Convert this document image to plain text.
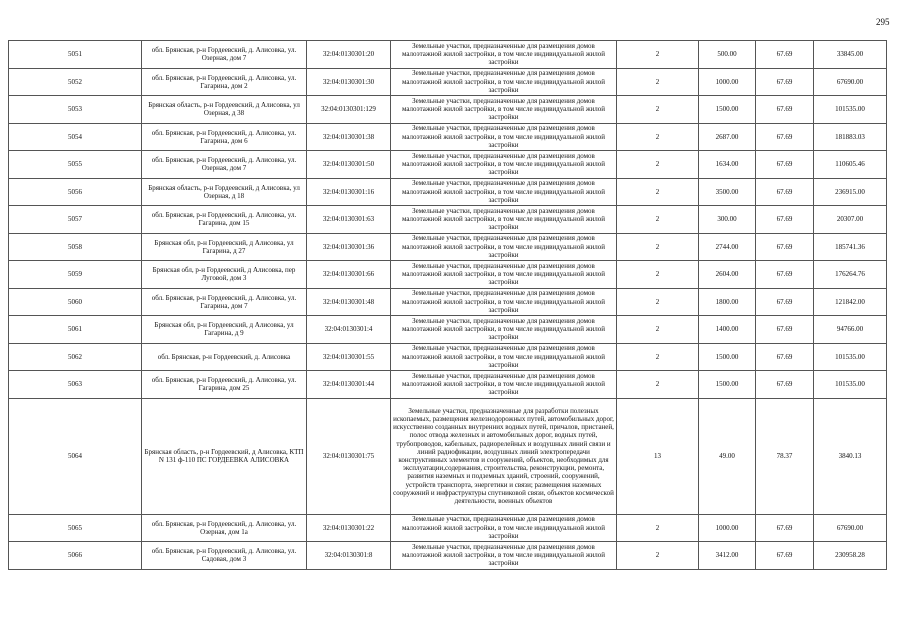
295
5051	обл. Брянская, р-н Гордеевский, д. Алисовка, ул. Озерная, дом 7	32:04:0130301:20	Земельные участки, предназначенные для размещения домов малоэтажной жилой застройки, в том числе индивидуальной жилой застройки	2	500.00	67.69	33845.00
5052	обл. Брянская, р-н Гордеевский, д. Алисовка, ул. Гагарина, дом 2	32:04:0130301:30	Земельные участки, предназначенные для размещения домов малоэтажной жилой застройки, в том числе индивидуальной жилой застройки	2	1000.00	67.69	67690.00
5053	Брянская область, р-н Гордеевский, д Алисовка, ул Озерная, д 38	32:04:0130301:129	Земельные участки, предназначенные для размещения домов малоэтажной жилой застройки, в том числе индивидуальной жилой застройки	2	1500.00	67.69	101535.00
5054	обл. Брянская, р-н Гордеевский, д. Алисовка, ул. Гагарина, дом 6	32:04:0130301:38	Земельные участки, предназначенные для размещения домов малоэтажной жилой застройки, в том числе индивидуальной жилой застройки	2	2687.00	67.69	181883.03
5055	обл. Брянская, р-н Гордеевский, д. Алисовка, ул. Озерная, дом 7	32:04:0130301:50	Земельные участки, предназначенные для размещения домов малоэтажной жилой застройки, в том числе индивидуальной жилой застройки	2	1634.00	67.69	110605.46
5056	Брянская область, р-н Гордеевский, д Алисовка, ул Озерная, д 18	32:04:0130301:16	Земельные участки, предназначенные для размещения домов малоэтажной жилой застройки, в том числе индивидуальной жилой застройки	2	3500.00	67.69	236915.00
5057	обл. Брянская, р-н Гордеевский, д. Алисовка, ул. Гагарина, дом 15	32:04:0130301:63	Земельные участки, предназначенные для размещения домов малоэтажной жилой застройки, в том числе индивидуальной жилой застройки	2	300.00	67.69	20307.00
5058	Брянская обл, р-н Гордеевский, д Алисовка, ул Гагарина, д 27	32:04:0130301:36	Земельные участки, предназначенные для размещения домов малоэтажной жилой застройки, в том числе индивидуальной жилой застройки	2	2744.00	67.69	185741.36
5059	Брянская обл, р-н Гордеевский, д Алисовка, пер Луговой, дом 3	32:04:0130301:66	Земельные участки, предназначенные для размещения домов малоэтажной жилой застройки, в том числе индивидуальной жилой застройки	2	2604.00	67.69	176264.76
5060	обл. Брянская, р-н Гордеевский, д. Алисовка, ул. Гагарина, дом 7	32:04:0130301:48	Земельные участки, предназначенные для размещения домов малоэтажной жилой застройки, в том числе индивидуальной жилой застройки	2	1800.00	67.69	121842.00
5061	Брянская обл, р-н Гордеевский, д Алисовка, ул Гагарина, д 9	32:04:0130301:4	Земельные участки, предназначенные для размещения домов малоэтажной жилой застройки, в том числе индивидуальной жилой застройки	2	1400.00	67.69	94766.00
5062	обл. Брянская, р-н Гордеевский, д. Алисовка	32:04:0130301:55	Земельные участки, предназначенные для размещения домов малоэтажной жилой застройки, в том числе индивидуальной жилой застройки	2	1500.00	67.69	101535.00
5063	обл. Брянская, р-н Гордеевский, д. Алисовка, ул. Гагарина, дом 25	32:04:0130301:44	Земельные участки, предназначенные для размещения домов малоэтажной жилой застройки, в том числе индивидуальной жилой застройки	2	1500.00	67.69	101535.00
5064	Брянская область, р-н Гордеевский, д Алисовка, КТП N 131 ф-110 ПС ГОРДЕЕВКА АЛИСОВКА	32:04:0130301:75	Земельные участки, предназначенные для разработки полезных ископаемых, размещения железнодорожных путей, автомобильных дорог, искусственно созданных внутренних водных путей, причалов, пристаней, полос отвода железных и автомобильных дорог, водных путей, трубопроводов, кабельных, радиорелейных и воздушных линий связи и линий радиофикации, воздушных линий электропередачи конструктивных элементов и сооружений, объектов, необходимых для эксплуатации,содержания, строительства, реконструкции, ремонта, развития наземных и подземных зданий, строений, сооружений, устройств транспорта, энергетики и связи; размещения наземных сооружений и инфраструктуры спутниковой связи, объектов космической деятельности, военных объектов	13	49.00	78.37	3840.13
5065	обл. Брянская, р-н Гордеевский, д. Алисовка, ул. Озерная, дом 1а	32:04:0130301:22	Земельные участки, предназначенные для размещения домов малоэтажной жилой застройки, в том числе индивидуальной жилой застройки	2	1000.00	67.69	67690.00
5066	обл. Брянская, р-н Гордеевский, д. Алисовка, ул. Садовая, дом 3	32:04:0130301:8	Земельные участки, предназначенные для размещения домов малоэтажной жилой застройки, в том числе индивидуальной жилой застройки	2	3412.00	67.69	230958.28
